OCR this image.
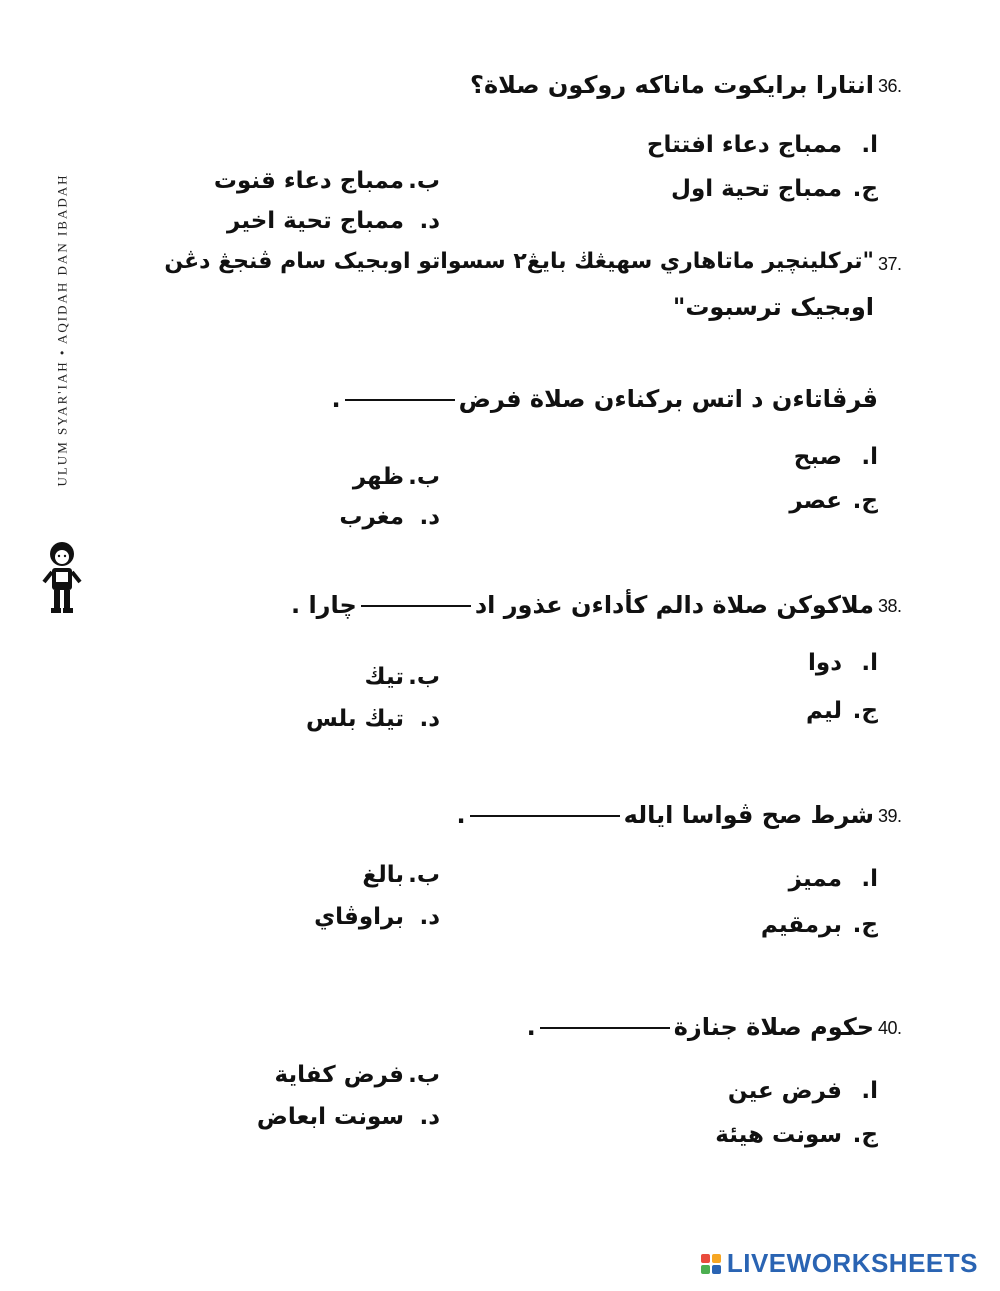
ULUM SYAR'IAH • AQIDAH DAN IBADAH
36.
انتارا برايكوت ماناكه روكون صلاة؟
ا.
ممباج دعاء افتتاح
ج.
ممباج تحية اول
ب.
ممباج دعاء قنوت
د.
ممباج تحية اخير
37.
"تركلينچير ماتاهاري سهيڠڬ بايڠ٢ سسواتو اوبجيک سام ڤنجڠ دڠن
اوبجيک ترسبوت"
ڤرڤاتاءن د اتس بركناءن صلاة فرض
.
ا.
صبح
ج.
عصر
ب.
ظهر
د.
مغرب
38.
ملاكوكن صلاة دالم كأداءن عذور اد
چارا .
ا.
دوا
ج.
ليم
ب.
تيڬ
د.
تيڬ بلس
39.
شرط صح ڤواسا اياله
.
ا.
مميز
ج.
برمقيم
ب.
بالغ
د.
براوڤاي
40.
حكوم صلاة جنازة
.
ا.
فرض عين
ج.
سونت هيئة
ب.
فرض كفاية
د.
سونت ابعاض
LIVEWORKSHEETS
